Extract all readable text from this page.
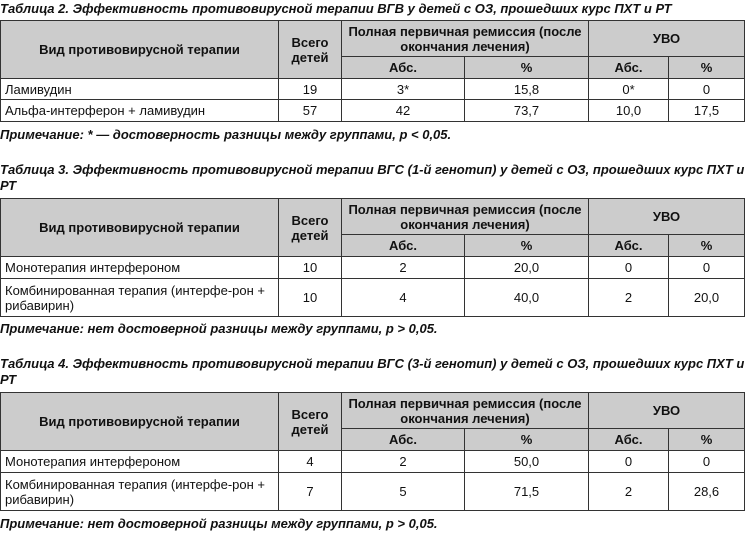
Таблица 2. Эффективность противовирусной терапии ВГВ у детей с ОЗ, прошедших курс ПХТ и РТ
Вид противовирусной терапии	Всего детей	Полная первичная ремиссия (после окончания лечения)		УВО	
		Абс.	%	Абс.	%
Ламивудин	19	3*	15,8	0*	0
Альфа-интерферон + ламивудин	57	42	73,7	10,0	17,5
Примечание: * — достоверность разницы между группами, р < 0,05.
Таблица 3. Эффективность противовирусной терапии ВГС (1-й генотип) у детей с ОЗ, прошедших курс ПХТ и РТ
Вид противовирусной терапии	Всего детей	Полная первичная ремиссия (после окончания лечения)		УВО	
		Абс.	%	Абс.	%
Монотерапия интерфероном	10	2	20,0	0	0
Комбинированная терапия (интерфе-рон + рибавирин)	10	4	40,0	2	20,0
Примечание: нет достоверной разницы между группами, р > 0,05.
Таблица 4. Эффективность противовирусной терапии ВГС (3-й генотип) у детей с ОЗ, прошедших курс ПХТ и РТ
Вид противовирусной терапии	Всего детей	Полная первичная ремиссия (после окончания лечения)		УВО	
		Абс.	%	Абс.	%
Монотерапия интерфероном	4	2	50,0	0	0
Комбинированная терапия (интерфе-рон + рибавирин)	7	5	71,5	2	28,6
Примечание: нет достоверной разницы между группами, р > 0,05.
